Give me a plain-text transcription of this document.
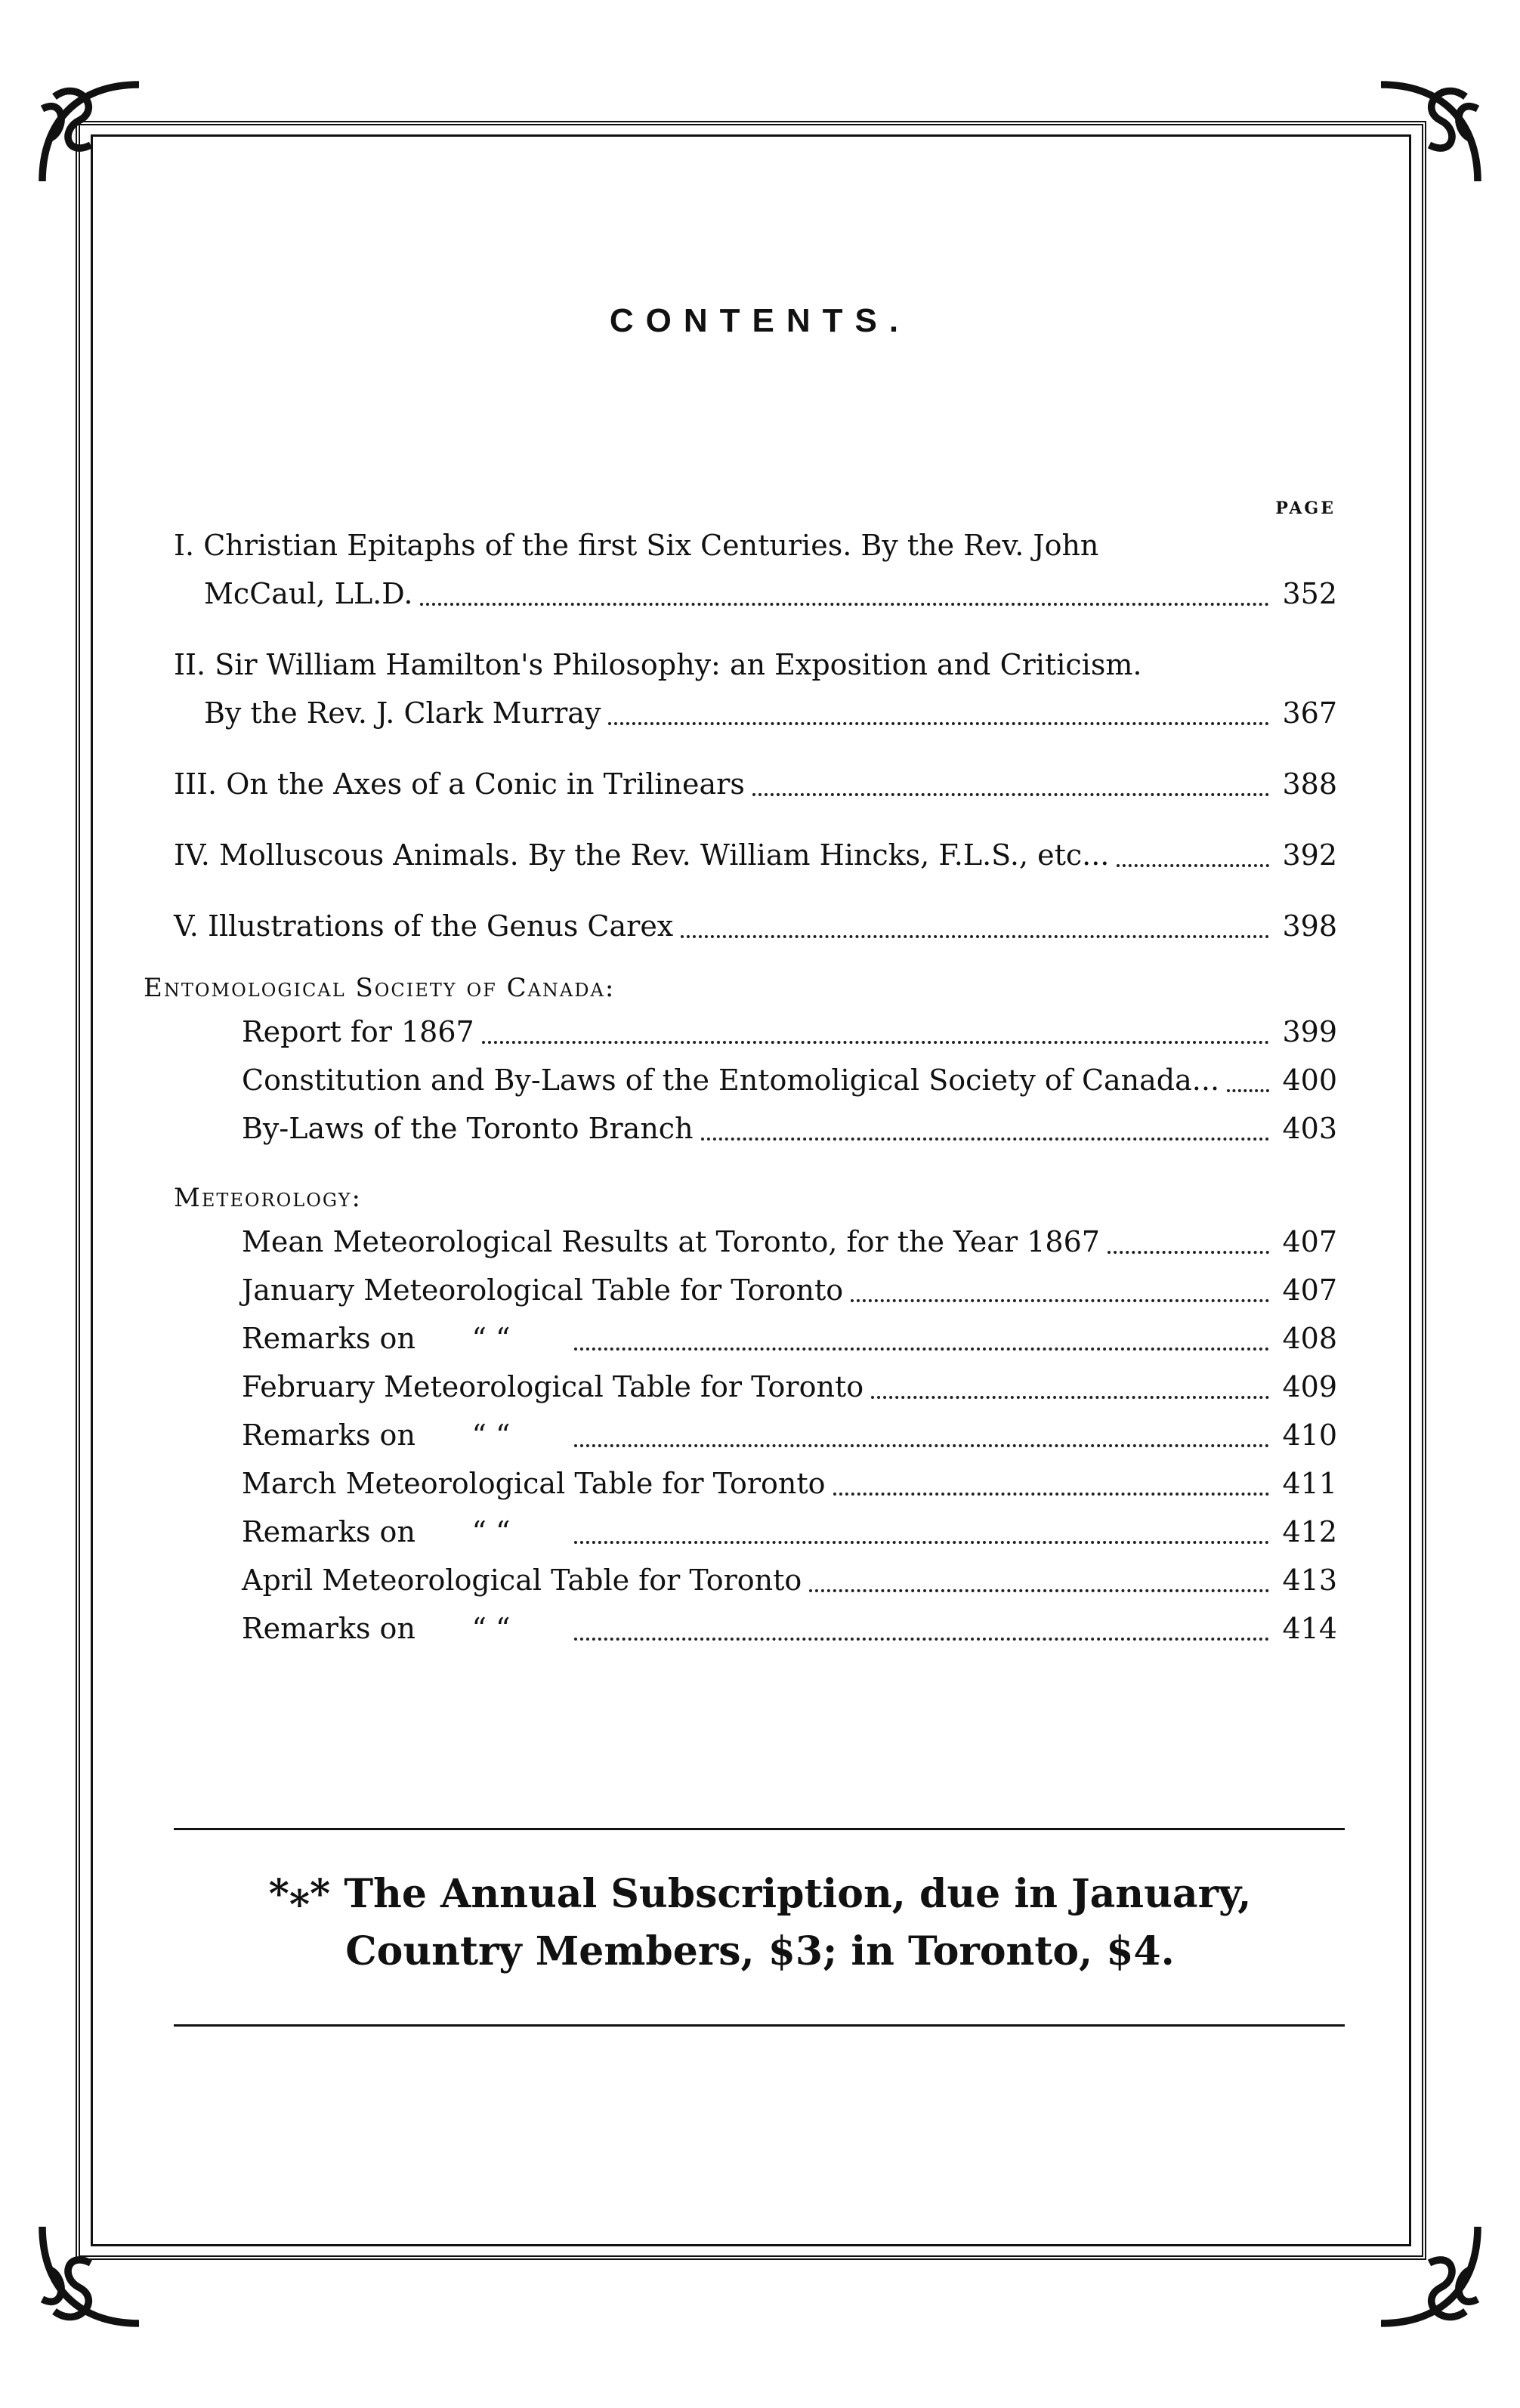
CONTENTS.
PAGE
I. Christian Epitaphs of the first Six Centuries. By the Rev. John
McCaul, LL.D.	352
II. Sir William Hamilton's Philosophy: an Exposition and Criticism.
By the Rev. J. Clark Murray	367
III. On the Axes of a Conic in Trilinears	388
IV. Molluscous Animals. By the Rev. William Hincks, F.L.S., etc...	392
V. Illustrations of the Genus Carex	398
Entomological Society of Canada:
Report for 1867	399
Constitution and By-Laws of the Entomoligical Society of Canada... 400
By-Laws of the Toronto Branch	403
Meteorology:
Mean Meteorological Results at Toronto, for the Year 1867	407
January Meteorological Table for Toronto	407
Remarks on	“ “	408
February Meteorological Table for Toronto	409
Remarks on	“ “	410
March Meteorological Table for Toronto	411
Remarks on	“ “	412
April Meteorological Table for Toronto	413
Remarks on	“ “	414
*⁎* The Annual Subscription, due in January,
Country Members, $3; in Toronto, $4.
